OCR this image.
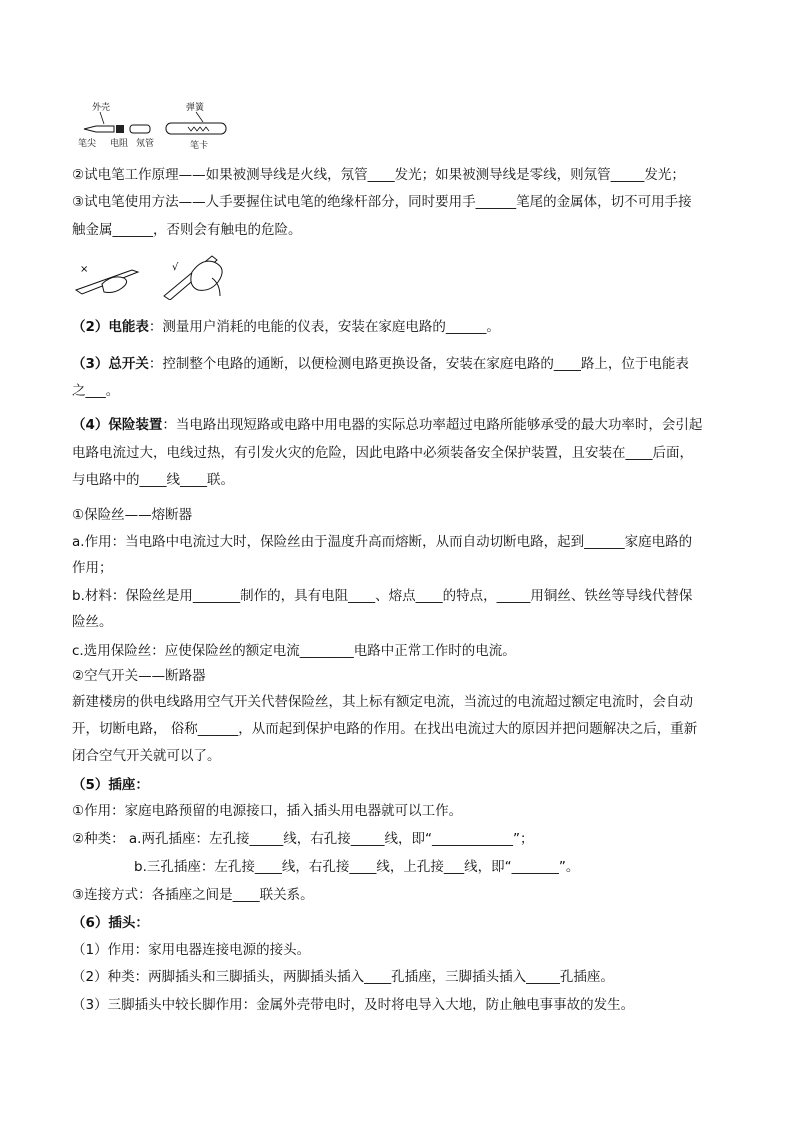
外壳	弹簧
笔尖 电阻 氖管	笔卡
②试电笔工作原理——如果被测导线是火线，氖管____发光；如果被测导线是零线，则氖管_____发光；
③试电笔使用方法——人手要握住试电笔的绝缘杆部分，同时要用手______笔尾的金属体，切不可用手接
触金属______，否则会有触电的危险。
×	√
（2）电能表：测量用户消耗的电能的仪表，安装在家庭电路的______。
（3）总开关：控制整个电路的通断，以便检测电路更换设备，安装在家庭电路的____路上，位于电能表
之___。
（4）保险装置：当电路出现短路或电路中用电器的实际总功率超过电路所能够承受的最大功率时，会引起
电路电流过大，电线过热，有引发火灾的危险，因此电路中必须装备安全保护装置，且安装在____后面，
与电路中的____线____联。
①保险丝——熔断器
a.作用：当电路中电流过大时，保险丝由于温度升高而熔断，从而自动切断电路，起到______家庭电路的
作用；
b.材料：保险丝是用_______制作的，具有电阻____、熔点____的特点，_____用铜丝、铁丝等导线代替保
险丝。
c.选用保险丝：应使保险丝的额定电流________电路中正常工作时的电流。
②空气开关——断路器
新建楼房的供电线路用空气开关代替保险丝，其上标有额定电流，当流过的电流超过额定电流时，会自动
开，切断电路， 俗称______，从而起到保护电路的作用。在找出电流过大的原因并把问题解决之后，重新
闭合空气开关就可以了。
（5）插座：
①作用：家庭电路预留的电源接口，插入插头用电器就可以工作。
②种类： a.两孔插座：左孔接_____线，右孔接_____线，即“____________”；
b.三孔插座：左孔接____线，右孔接____线，上孔接___线，即“_______”。
③连接方式：各插座之间是____联关系。
（6）插头：
（1）作用：家用电器连接电源的接头。
（2）种类：两脚插头和三脚插头，两脚插头插入____孔插座，三脚插头插入_____孔插座。
（3）三脚插头中较长脚作用：金属外壳带电时，及时将电导入大地，防止触电事事故的发生。
